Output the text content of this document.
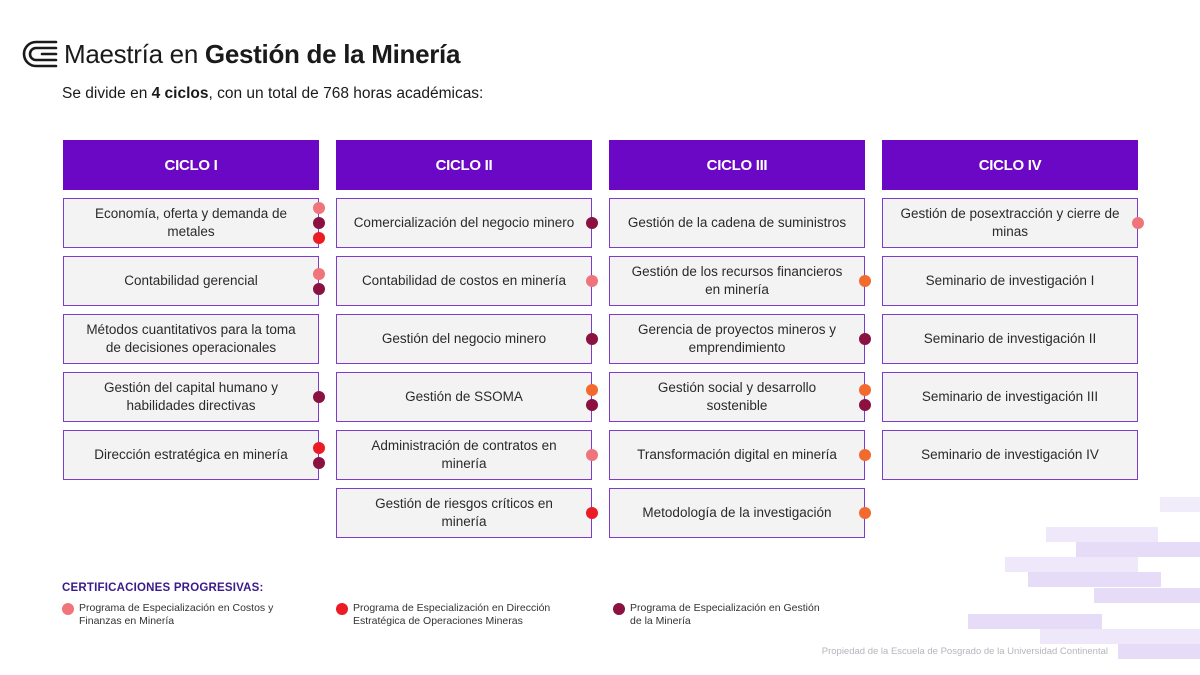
Maestría en Gestión de la Minería
Se divide en 4 ciclos, con un total de 768 horas académicas:
CICLO I
Economía, oferta y demanda de metales
Contabilidad gerencial
Métodos cuantitativos para la toma de decisiones operacionales
Gestión del capital humano y habilidades directivas
Dirección estratégica en minería
CICLO II
Comercialización del negocio minero
Contabilidad de costos en minería
Gestión del negocio minero
Gestión de SSOMA
Administración de contratos en minería
Gestión de riesgos críticos en minería
CICLO III
Gestión de la cadena de suministros
Gestión de los recursos financieros en minería
Gerencia de proyectos mineros y emprendimiento
Gestión social y desarrollo sostenible
Transformación digital en minería
Metodología de la investigación
CICLO IV
Gestión de posextracción y cierre de minas
Seminario de investigación I
Seminario de investigación II
Seminario de investigación III
Seminario de investigación IV
CERTIFICACIONES PROGRESIVAS:
Programa de Especialización en Costos y Finanzas en Minería
Programa de Especialización en Dirección Estratégica de Operaciones Mineras
Programa de Especialización en Gestión de la Minería
Propiedad de la Escuela de Posgrado de la Universidad Continental
